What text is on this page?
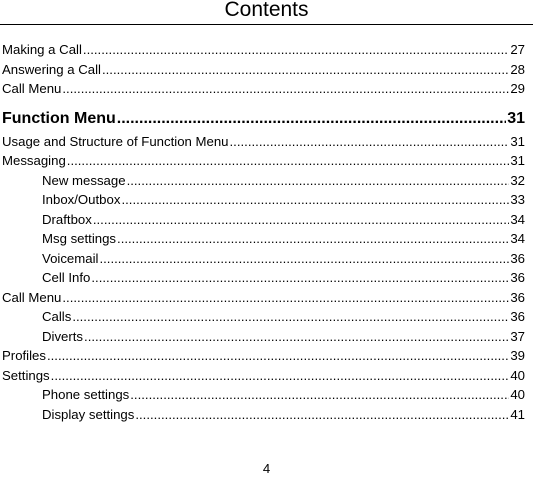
Contents
Making a Call .....	27
Answering a Call .....	28
Call Menu .....	29
Function Menu .....	31
Usage and Structure of Function Menu .....	31
Messaging .....	31
New message .....	32
Inbox/Outbox .....	33
Draftbox .....	34
Msg settings .....	34
Voicemail .....	36
Cell Info .....	36
Call Menu .....	36
Calls .....	36
Diverts .....	37
Profiles .....	39
Settings .....	40
Phone settings .....	40
Display settings .....	41
4
